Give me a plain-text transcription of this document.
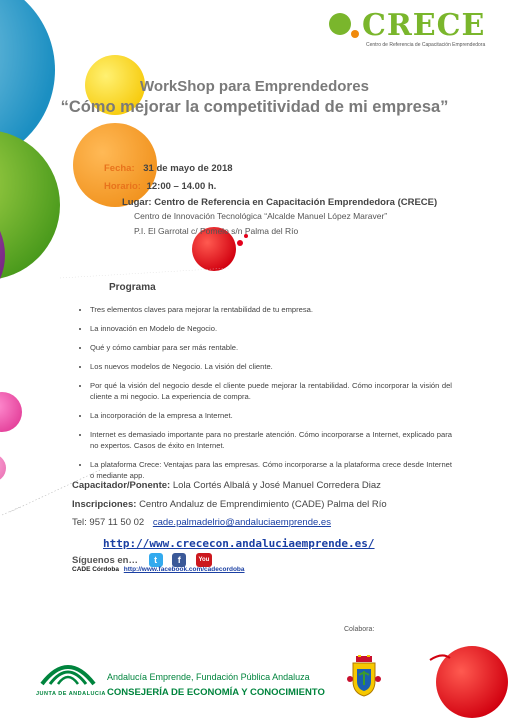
CRECE
Centro de Referencia de Capacitación Emprendedora
WorkShop para Emprendedores
“Cómo mejorar la competitividad de mi empresa”
Fecha: 31 de mayo de 2018
Horario: 12:00 – 14.00 h.
Lugar: Centro de Referencia en Capacitación Emprendedora (CRECE)
Centro de Innovación Tecnológica “Alcalde Manuel López Maraver”
P.I. El Garrotal c/ Pomelo s/n Palma del Río
Programa
• Tres elementos claves para mejorar la rentabilidad de tu empresa.
• La innovación en Modelo de Negocio.
• Qué y cómo cambiar para ser más rentable.
• Los nuevos modelos de Negocio. La visión del cliente.
• Por qué la visión del negocio desde el cliente puede mejorar la rentabilidad. Cómo incorporar la visión del cliente a mi negocio. La experiencia de compra.
• La incorporación de la empresa a Internet.
• Internet es demasiado importante para no prestarle atención. Cómo incorporarse a Internet, explicado para no expertos. Casos de éxito en Internet.
• La plataforma Crece: Ventajas para las empresas. Cómo incorporarse a la plataforma crece desde Internet o mediante app.
Capacitador/Ponente: Lola Cortés Albalá y José Manuel Corredera Diaz
Inscripciones: Centro Andaluz de Emprendimiento (CADE) Palma del Río
Tel: 957 11 50 02 cade.palmadelrio@andaluciaemprende.es
http://www.crececon.andaluciaemprende.es/
Síguenos en… t f	You
CADE Córdoba http://www.facebook.com/cadecordoba
Colabora:
JUNTA DE ANDALUCIA
Andalucía Emprende, Fundación Pública Andaluza
CONSEJERÍA DE ECONOMÍA Y CONOCIMIENTO
